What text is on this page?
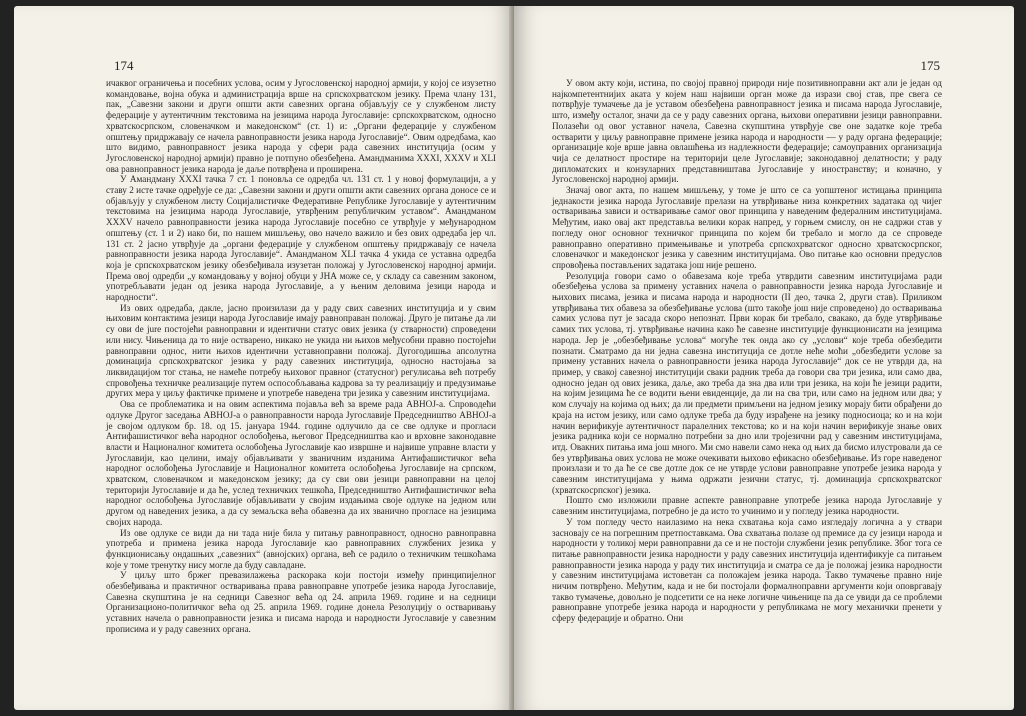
174

ичаквог ограничења и посебних услова, осим у Југословенској народној армији, у којој се изузетно командовање, војна обука и администрација врше на српскохрватском језику. Према члану 131, пак, „Савезни закони и други општи акти савезних органа објављују се у службеном листу федерације у аутентичним текстовима на језицима народа Југославије: српскохрватском, односно хрватскосрпском, словеначком и македонском“ (ст. 1) и: „Органи федерације у службеном општењу придржавају се начела равноправности језика народа Југославије“. Овим одредбама, као што видимо, равноправност језика народа у сфери рада савезних институција (осим у Југословенској народној армији) правно је потпуно обезбеђена. Амандманима XXXI, XXXV и XLI ова равноправност језика народа је даље потврђена и проширена.

У Амандману XXXI тачка 7 ст. 1 поновља се одредба чл. 131 ст. 1 у новој формулацији, а у ставу 2 исте тачке одређује се да: „Савезни закони и други општи акти савезних органа доносе се и објављују у службеном листу Социјалистичке Федеративне Републике Југославије у аутентичним текстовима на језицима народа Југославије, утврђеним републичким уставом“. Амандманом XXXV начело равноправности језика народа Југославије посебно се утврђује у међународном општењу (ст. 1 и 2) иако би, по нашем мишљењу, ово начело важило и без ових одредаба јер чл. 131 ст. 2 јасно утврђује да „органи федерације у службеном општењу придржавају се начела равноправности језика народа Југославије“. Амандманом XLI тачка 4 укида се уставна одредба која је српскохрватском језику обезбеђивала изузетан положај у Југословенској народној армији. Према овој одредби „у командовању у војној обуци у ЈНА може се, у складу са савезним законом, употребљавати један од језика народа Југославије, а у њеним деловима језици народа и народности“.

Из ових одредаба, дакле, јасно произилази да у раду свих савезних институција и у свим њиховим контактима језици народа Југославије имају равноправан положај. Друго је питање да ли су ови de jure постојећи равноправни и идентични статус ових језика (у стварности) спроведени или нису. Чињеница да то није остварено, никако не укида ни њихов међусобни правно постојећи равноправни однос, нити њихов идентични уставноправни положај. Дугогодишња апсолутна доминација српскохрватског језика у раду савезних институција, односно настојања за ликвидацијом тог стања, не намеће потребу њиховог правног (статусног) регулисања већ потребу спровођења техничке реализације путем оспособљавања кадрова за ту реализацију и предузимање других мера у циљу фактичке примене и употребе наведена три језика у савезним институцијама.

Ова се проблематика и на овим аспектима појавља већ за време рада АВНОЈ-а. Спроводећи одлуке Другог заседања АВНОЈ-а о равноправности народа Југославије Председништво АВНОЈ-а је својом одлуком бр. 18. од 15. јануара 1944. године одлучило да се све одлуке и прогласи Антифашистичког већа народног ослобођења, његовог Председништва као и врховне законодавне власти и Националног комитета ослобођења Југославије као извршне и највише управне власти у Југославији, као целини, имају објављивати у званичним изданима Антифашистичког већа народног ослобођења Југославије и Националног комитета ослобођења Југославије на српском, хрватском, словеначком и македонском језику; да су сви ови језици равноправни на целој територији Југославије и да ће, услед техничких тешкоћа, Председништво Антифашистичког већа народног ослобођења Југославије објављивати у својим издањима своје одлуке на једном или другом од наведених језика, а да су земаљска већа обавезна да их званично прогласе на језицима својих народа.

Из ове одлуке се види да ни тада није била у питању равноправност, односно равноправна употреба и примена језика народа Југославије као равноправних службених језика у функционисању ондашњих „савезних“ (авнојских) органа, већ се радило о техничким тешкоћама које у томе тренутку нису могле да буду савладане.

У циљу што бржег превазилажења раскорака који постоји између принципијелног обезбеђивања и практичног остваривања права равноправне употребе језика народа Југославије, Савезна скупштина је на седници Савезног већа од 24. априла 1969. године и на седници Организационо-политичког већа од 25. априла 1969. године донела Резолуцију о остваривању уставних начела о равноправности језика и писама народа и народности Југославије у савезним прописима и у раду савезних органа.

175

У овом акту који, истина, по својој правној природи није позитивноправни акт али је један од најкомпетентнијих аката у којем наш највиши орган може да изрази свој став, пре свега се потврђује тумачење да је уставом обезбеђена равноправност језика и писама народа Југославије, што, између осталог, значи да се у раду савезних органа, њихови оперативни језици равноправни. Полазећи од овог уставног начела, Савезна скупштина утврђује све оне задатке које треба остварити у циљу равноправне примене језика народа и народности — у раду органа федерације; организације које врше јавна овлашћења из надлежности федерације; самоуправних организација чија се делатност простире на територији целе Југославије; законодавној делатности; у раду дипломатских и конзуларних представништава Југославије у иностранству; и коначно, у Југословенској народној армији.

Значај овог акта, по нашем мишљењу, у томе је што се са уопштеног истицања принципа једнакости језика народа Југославије прелази на утврђивање низа конкретних задатака од чијег остваривања зависи и остваривање самог овог принципа у наведеним федералним институцијама. Међутим, иако овај акт представља велики корак напред, у горњем смислу, он не садржи став у погледу оног основног техничког принципа по којем би требало и могло да се спроведе равноправно оперативно примењивање и употреба српскохрватског односно хрватскосрпског, словеначког и македонског језика у савезним институцијама. Ово питање као основни предуслов спровођења постављених задатака још није решено.

Резолуција говори само о обавезама које треба утврдити савезним институцијама ради обезбеђења услова за примену уставних начела о равноправности језика народа Југославије и њихових писама, језика и писама народа и народности (II део, тачка 2, други став). Приликом утврђивања тих обавеза за обезбеђивање услова (што такође још није спроведено) до остваривања самих услова пут је засада скоро непознат. Први корак би требало, свакако, да буде утврђивање самих тих услова, тј. утврђивање начина како ће савезне институције функционисати на језицима народа. Јер је „обезбеђивање услова“ могуће тек онда ако су „услови“ које треба обезбедити познати. Сматрамо да ни једна савезна институција се дотле неће моћи „обезбедити услове за примену уставних начела о равноправности језика народа Југославије“ док се не утврди да, на пример, у свакој савезној институцији сваки радник треба да говори сва три језика, или само два, односно један од ових језика, даље, ако треба да зна два или три језика, на који ће језици радити, на којим језицима ће се водити њени евиденције, да ли на сва три, или само на једном или два; у ком случају на којима од њих; да ли предмети примљени на једном језику морају бити обрађени до краја на истом језику, или само одлуке треба да буду израђене на језику подносиоца; ко и на који начин верификује аутентичност паралелних текстова; ко и на који начин верификује знање ових језика радника који се нормално потребни за дно или тројезични рад у савезним институцијама, итд. Овакних питања има још много. Ми смо навели само нека од њих да бисмо илустровали да се без утврђивања ових услова не може очекивати њихово ефикасно обезбеђивање. Из горе наведеног произлази и то да ће се све дотле док се не утврде услови равноправне употребе језика народа у савезним институцијама у њима одржати језични статус, тј. доминација српскохрватског (хрватскосрпског) језика.

Пошто смо изложили правне аспекте равноправне употребе језика народа Југославије у савезним институцијама, потребно је да исто то учинимо и у погледу језика народности.

У том погледу често наилазимо на нека схватања која само изгледају логична а у ствари засновају се на погрешним претпоставкама. Ова схватања полазе од премисе да су језици народа и народности у толикој мери равноправни да се и не постоји службени језик републике. Због тога се питање равноправности језика народности у раду савезних институција идентификује са питањем равноправности језика народа у раду тих институција и сматра се да је положај језика народности у савезним институцијама истоветан са положајем језика народа. Такво тумачење правно није ничим потврђено. Међутим, када и не би постојали формалноправни аргументи који оповргавају такво тумачење, довољно је подсетити се на неке логичне чињенице па да се увиди да се проблеми равноправне употребе језика народа и народности у републикама не могу механички пренети у сферу федерације и обратно. Они
